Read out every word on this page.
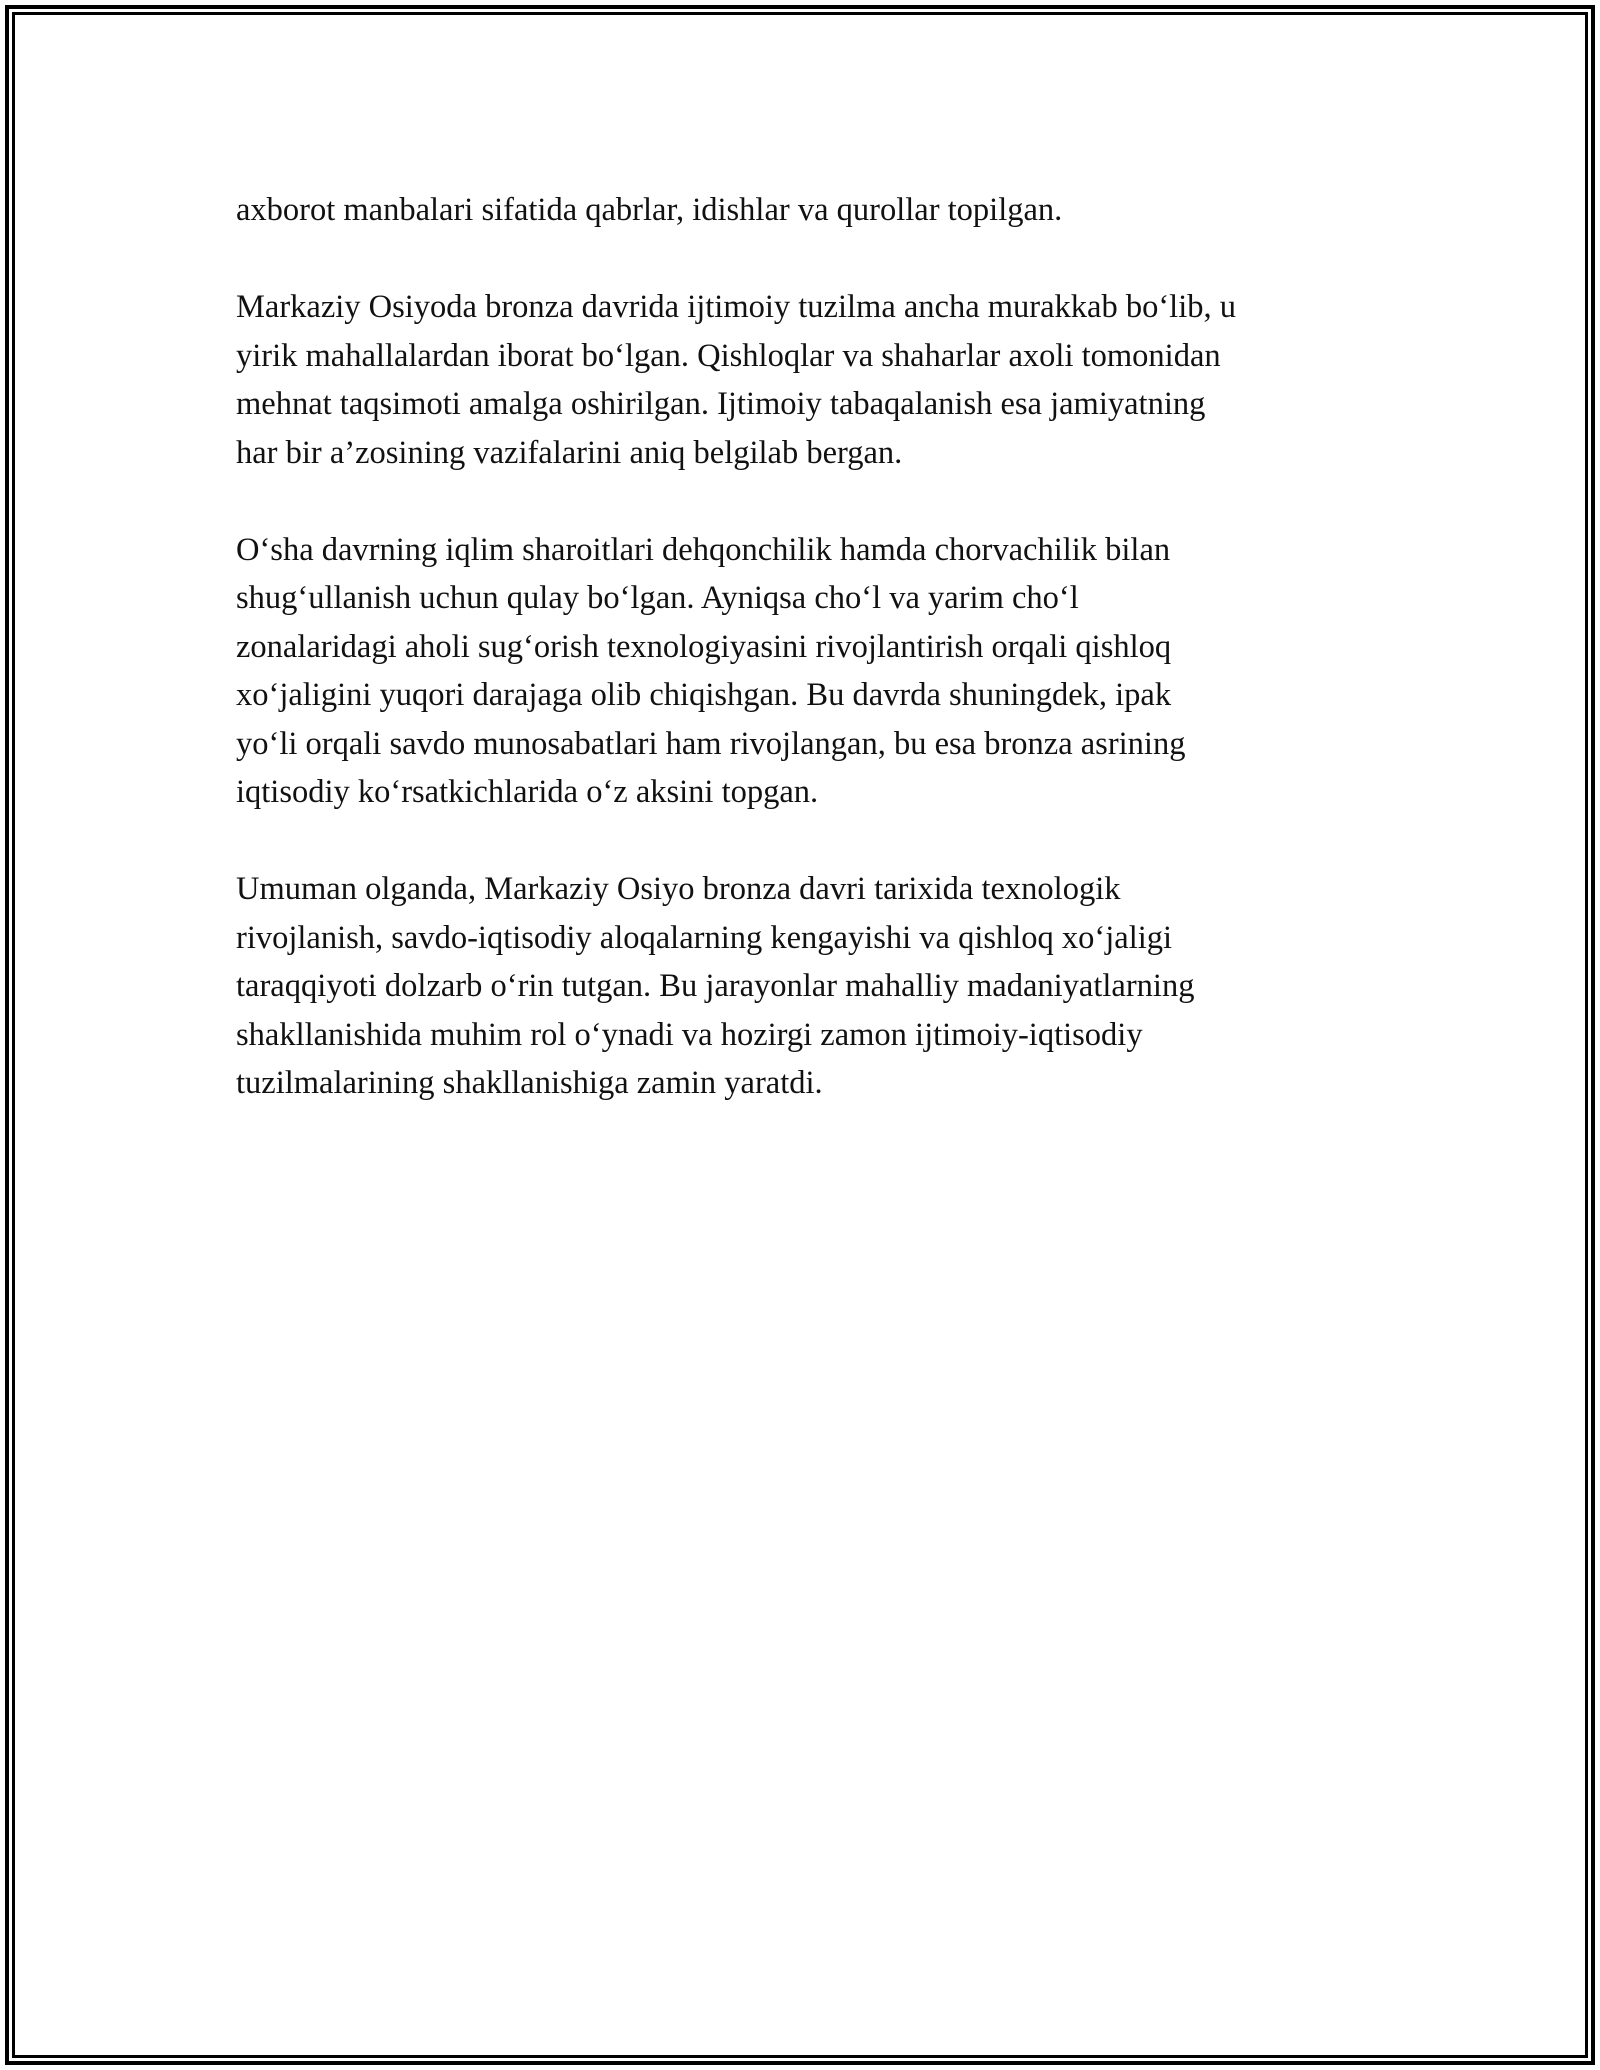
axborot manbalari sifatida qabrlar, idishlar va qurollar topilgan.

Markaziy Osiyoda bronza davrida ijtimoiy tuzilma ancha murakkab bo‘lib, u
yirik mahallalardan iborat bo‘lgan. Qishloqlar va shaharlar axoli tomonidan
mehnat taqsimoti amalga oshirilgan. Ijtimoiy tabaqalanish esa jamiyatning
har bir a’zosining vazifalarini aniq belgilab bergan.

O‘sha davrning iqlim sharoitlari dehqonchilik hamda chorvachilik bilan
shug‘ullanish uchun qulay bo‘lgan. Ayniqsa cho‘l va yarim cho‘l
zonalaridagi aholi sug‘orish texnologiyasini rivojlantirish orqali qishloq
xo‘jaligini yuqori darajaga olib chiqishgan. Bu davrda shuningdek, ipak
yo‘li orqali savdo munosabatlari ham rivojlangan, bu esa bronza asrining
iqtisodiy ko‘rsatkichlarida o‘z aksini topgan.

Umuman olganda, Markaziy Osiyo bronza davri tarixida texnologik
rivojlanish, savdo-iqtisodiy aloqalarning kengayishi va qishloq xo‘jaligi
taraqqiyoti dolzarb o‘rin tutgan. Bu jarayonlar mahalliy madaniyatlarning
shakllanishida muhim rol o‘ynadi va hozirgi zamon ijtimoiy-iqtisodiy
tuzilmalarining shakllanishiga zamin yaratdi.
